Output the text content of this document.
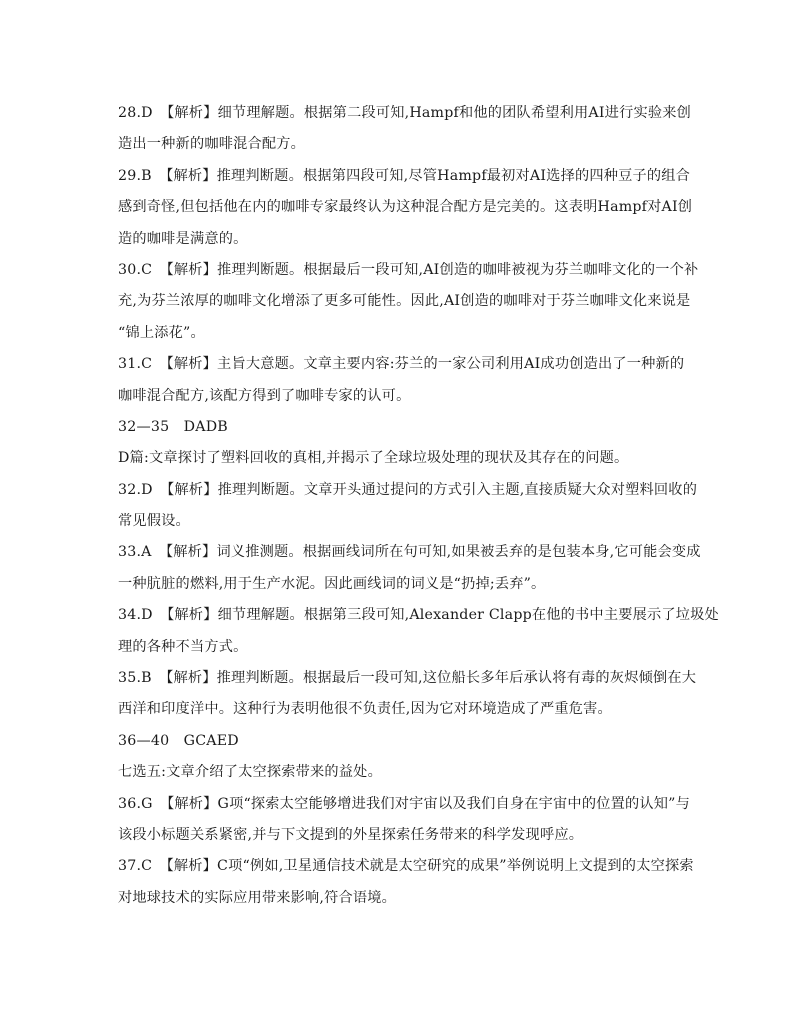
28.D　【解析】细节理解题。根据第二段可知,Hampf和他的团队希望利用AI进行实验来创
造出一种新的咖啡混合配方。
29.B　【解析】推理判断题。根据第四段可知,尽管Hampf最初对AI选择的四种豆子的组合
感到奇怪,但包括他在内的咖啡专家最终认为这种混合配方是完美的。这表明Hampf对AI创
造的咖啡是满意的。
30.C　【解析】推理判断题。根据最后一段可知,AI创造的咖啡被视为芬兰咖啡文化的一个补
充,为芬兰浓厚的咖啡文化增添了更多可能性。因此,AI创造的咖啡对于芬兰咖啡文化来说是
“锦上添花”。
31.C　【解析】主旨大意题。文章主要内容:芬兰的一家公司利用AI成功创造出了一种新的
咖啡混合配方,该配方得到了咖啡专家的认可。
32—35　DADB
D篇:文章探讨了塑料回收的真相,并揭示了全球垃圾处理的现状及其存在的问题。
32.D　【解析】推理判断题。文章开头通过提问的方式引入主题,直接质疑大众对塑料回收的
常见假设。
33.A　【解析】词义推测题。根据画线词所在句可知,如果被丢弃的是包装本身,它可能会变成
一种肮脏的燃料,用于生产水泥。因此画线词的词义是“扔掉;丢弃”。
34.D　【解析】细节理解题。根据第三段可知,Alexander Clapp在他的书中主要展示了垃圾处
理的各种不当方式。
35.B　【解析】推理判断题。根据最后一段可知,这位船长多年后承认将有毒的灰烬倾倒在大
西洋和印度洋中。这种行为表明他很不负责任,因为它对环境造成了严重危害。
36—40　GCAED
七选五:文章介绍了太空探索带来的益处。
36.G　【解析】G项“探索太空能够增进我们对宇宙以及我们自身在宇宙中的位置的认知”与
该段小标题关系紧密,并与下文提到的外星探索任务带来的科学发现呼应。
37.C　【解析】C项“例如,卫星通信技术就是太空研究的成果”举例说明上文提到的太空探索
对地球技术的实际应用带来影响,符合语境。
